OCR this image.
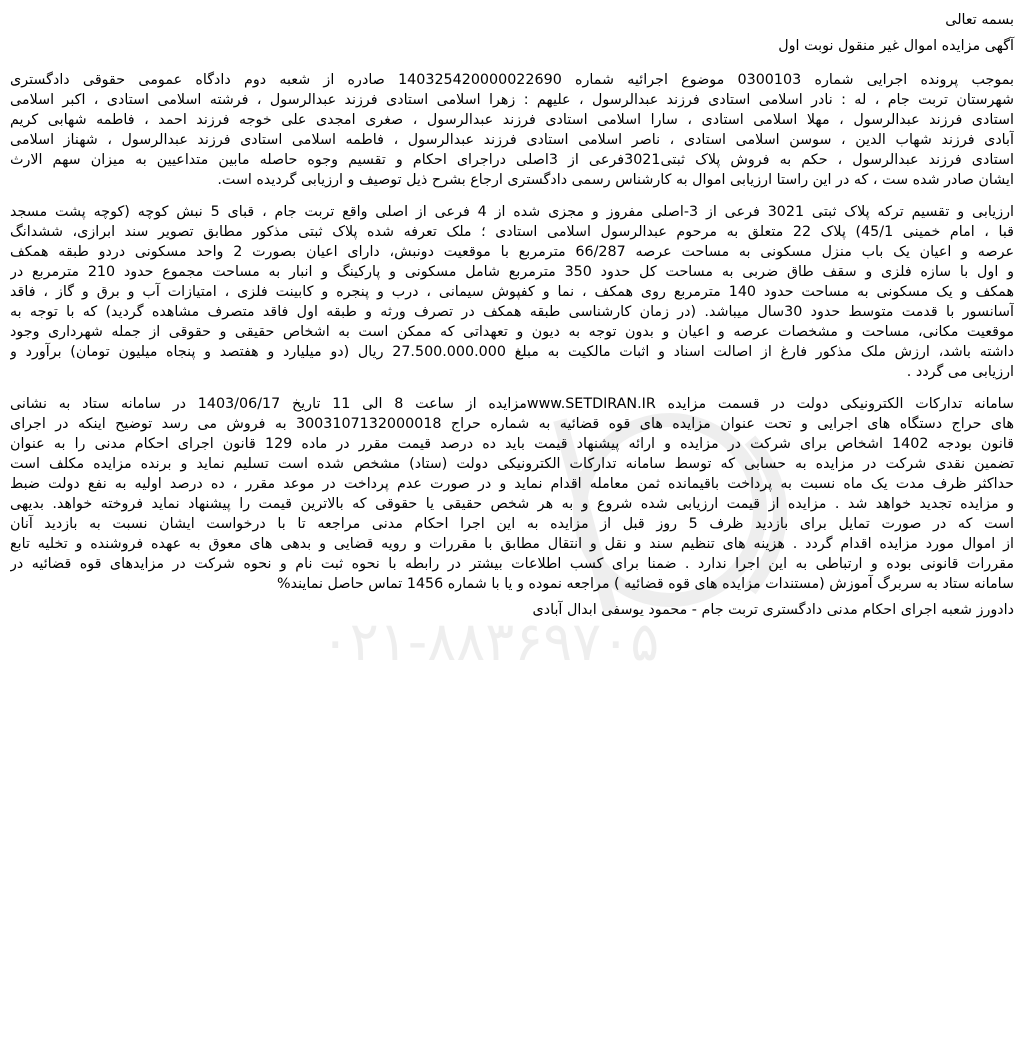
۰۲۱-۸۸۳۶۹۷۰۵
بسمه تعالی
آگهی مزایده اموال غیر منقول نوبت اول
بموجب پرونده اجرایی شماره 0300103 موضوع اجرائیه شماره 140325420000022690 صادره از شعبه دوم دادگاه عمومی حقوقی دادگستری
شهرستان تربت جام ، له : نادر اسلامی استادی فرزند عبدالرسول ، علیهم : زهرا اسلامی استادی فرزند عبدالرسول ، فرشته اسلامی استادی ، اکبر اسلامی
استادی فرزند عبدالرسول ، مهلا اسلامی استادی ، سارا اسلامی استادی فرزند عبدالرسول ، صغری امجدی علی خوجه فرزند احمد ، فاطمه شهابی کریم
آبادی فرزند شهاب الدین ، سوسن اسلامی استادی ، ناصر اسلامی استادی فرزند عبدالرسول ، فاطمه اسلامی استادی فرزند عبدالرسول ، شهناز اسلامی
استادی فرزند عبدالرسول ، حکم به فروش پلاک ثبتی3021فرعی از 3اصلی دراجرای احکام و تقسیم وجوه حاصله مابین متداعیین به میزان سهم الارث
ایشان صادر شده ست ، که در این راستا ارزیابی اموال به کارشناس رسمی دادگستری ارجاع بشرح ذیل توصیف و ارزیابی گردیده است.
ارزیابی و تقسیم ترکه پلاک ثبتی 3021 فرعی از 3-اصلی مفروز و مجزی شده از 4 فرعی از اصلی واقع تربت جام ، قبای 5 نبش کوچه (کوچه پشت مسجد
قبا ، امام خمینی 45/1) پلاک 22 متعلق به مرحوم عبدالرسول اسلامی استادی ؛ ملک تعرفه شده پلاک ثبتی مذکور مطابق تصویر سند ابرازی، ششدانگ
عرصه و اعیان یک باب منزل مسکونی به مساحت عرصه 66/287 مترمربع با موقعیت دونبش، دارای اعیان بصورت 2 واحد مسکونی دردو طبقه همکف
و اول با سازه فلزی و سقف طاق ضربی به مساحت کل حدود 350 مترمربع شامل مسکونی و پارکینگ و انبار به مساحت مجموع حدود 210 مترمربع در
همکف و یک مسکونی به مساحت حدود 140 مترمربع روی همکف ، نما و کفپوش سیمانی ، درب و پنجره و کابینت فلزی ، امتیازات آب و برق و گاز ، فاقد
آسانسور با قدمت متوسط حدود 30سال میباشد. (در زمان کارشناسی طبقه همکف در تصرف ورثه و طبقه اول فاقد متصرف مشاهده گردید) که با توجه به
موقعیت مکانی، مساحت و مشخصات عرصه و اعیان و بدون توجه به دیون و تعهداتی که ممکن است به اشخاص حقیقی و حقوقی از جمله شهرداری وجود
داشته باشد، ارزش ملک مذکور فارغ از اصالت اسناد و اثبات مالکیت به مبلغ 27.500.000.000 ریال (دو میلیارد و هفتصد و پنجاه میلیون تومان) برآورد و
ارزیابی می گردد .
سامانه تدارکات الکترونیکی دولت در قسمت مزایده www.SETDIRAN.IRمزایده از ساعت 8 الی 11 تاریخ 1403/06/17 در سامانه ستاد به نشانی
های حراج دستگاه های اجرایی و تحت عنوان مزایده های قوه قضائیه به شماره حراج 3003107132000018 به فروش می رسد توضیح اینکه در اجرای
قانون بودجه 1402 اشخاص برای شرکت در مزایده و ارائه پیشنهاد قیمت باید ده درصد قیمت مقرر در ماده 129 قانون اجرای احکام مدنی را به عنوان
تضمین نقدی شرکت در مزایده به حسابی که توسط سامانه تدارکات الکترونیکی دولت (ستاد) مشخص شده است تسلیم نماید و برنده مزایده مکلف است
حداکثر ظرف مدت یک ماه نسبت به پرداخت باقیمانده ثمن معامله اقدام نماید و در صورت عدم پرداخت در موعد مقرر ، ده درصد اولیه به نفع دولت ضبط
و مزایده تجدید خواهد شد . مزایده از قیمت ارزیابی شده شروع و به هر شخص حقیقی یا حقوقی که بالاترین قیمت را پیشنهاد نماید فروخته خواهد. بدیهی
است که در صورت تمایل برای بازدید ظرف 5 روز قبل از مزایده به این اجرا احکام مدنی مراجعه تا با درخواست ایشان نسبت به بازدید آنان
از اموال مورد مزایده اقدام گردد . هزینه های تنظیم سند و نقل و انتقال مطابق با مقررات و رویه قضایی و بدهی های معوق به عهده فروشنده و تخلیه تابع
مقررات قانونی بوده و ارتباطی به این اجرا ندارد . ضمنا برای کسب اطلاعات بیشتر در رابطه با نحوه ثبت نام و نحوه شرکت در مزایدهای قوه قضائیه در
سامانه ستاد به سربرگ آموزش (مستندات مزایده های قوه قضائیه ) مراجعه نموده و یا با شماره 1456 تماس حاصل نمایند%
دادورز شعبه اجرای احکام مدنی دادگستری تربت جام - محمود یوسفی ابدال آبادی
